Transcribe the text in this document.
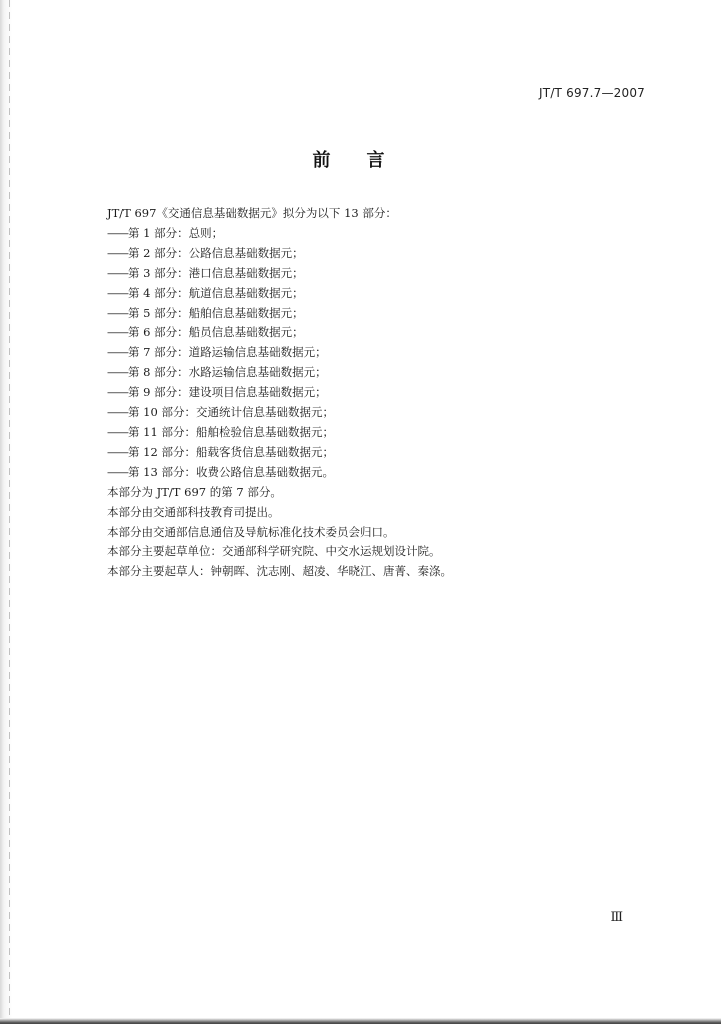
JT/T 697.7—2007
前言

JT/T 697《交通信息基础数据元》拟分为以下 13 部分：

——第 1 部分：总则；

——第 2 部分：公路信息基础数据元；

——第 3 部分：港口信息基础数据元；

——第 4 部分：航道信息基础数据元；

——第 5 部分：船舶信息基础数据元；

——第 6 部分：船员信息基础数据元；

——第 7 部分：道路运输信息基础数据元；

——第 8 部分：水路运输信息基础数据元；

——第 9 部分：建设项目信息基础数据元；

——第 10 部分：交通统计信息基础数据元；

——第 11 部分：船舶检验信息基础数据元；

——第 12 部分：船载客货信息基础数据元；

——第 13 部分：收费公路信息基础数据元。

本部分为 JT/T 697 的第 7 部分。

本部分由交通部科技教育司提出。

本部分由交通部信息通信及导航标准化技术委员会归口。

本部分主要起草单位：交通部科学研究院、中交水运规划设计院。

本部分主要起草人：钟朝晖、沈志刚、超凌、华晓江、唐菁、秦涤。

Ⅲ
